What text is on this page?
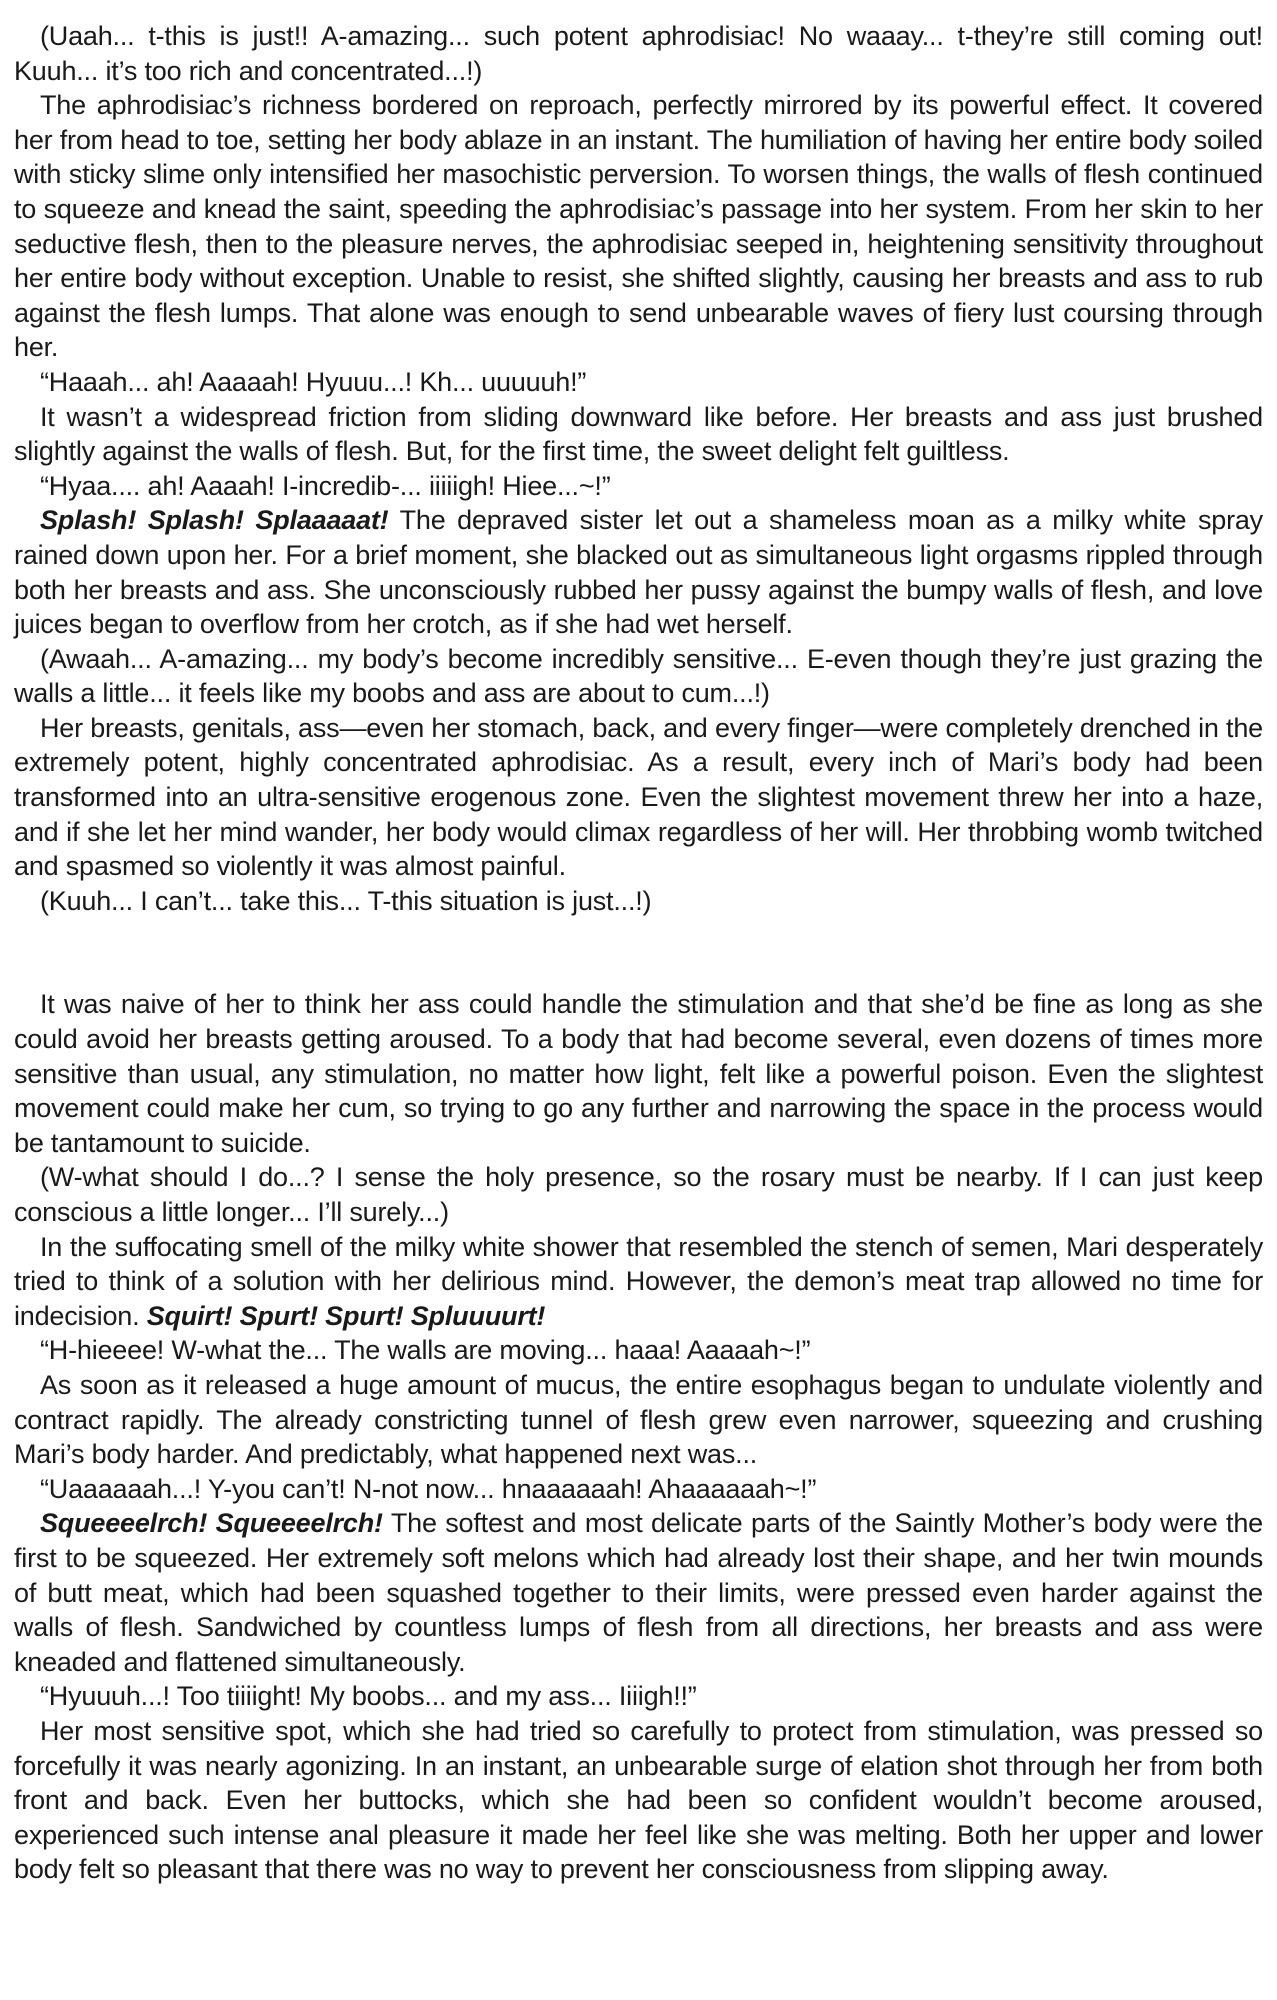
(Uaah... t-this is just!! A-amazing... such potent aphrodisiac! No waaay... t-they’re still coming out! Kuuh... it’s too rich and concentrated...!)

The aphrodisiac’s richness bordered on reproach, perfectly mirrored by its powerful effect. It covered her from head to toe, setting her body ablaze in an instant. The humiliation of having her entire body soiled with sticky slime only intensified her masochistic perversion. To worsen things, the walls of flesh continued to squeeze and knead the saint, speeding the aphrodisiac’s passage into her system. From her skin to her seductive flesh, then to the pleasure nerves, the aphrodisiac seeped in, heightening sensitivity throughout her entire body without exception. Unable to resist, she shifted slightly, causing her breasts and ass to rub against the flesh lumps. That alone was enough to send unbearable waves of fiery lust coursing through her.

“Haaah... ah! Aaaaah! Hyuuu...! Kh... uuuuuh!”

It wasn’t a widespread friction from sliding downward like before. Her breasts and ass just brushed slightly against the walls of flesh. But, for the first time, the sweet delight felt guiltless.

“Hyaa.... ah! Aaaah! I-incredib-... iiiiigh! Hiee...~!”

Splash! Splash! Splaaaaat! The depraved sister let out a shameless moan as a milky white spray rained down upon her. For a brief moment, she blacked out as simultaneous light orgasms rippled through both her breasts and ass. She unconsciously rubbed her pussy against the bumpy walls of flesh, and love juices began to overflow from her crotch, as if she had wet herself.

(Awaah... A-amazing... my body’s become incredibly sensitive... E-even though they’re just grazing the walls a little... it feels like my boobs and ass are about to cum...!)

Her breasts, genitals, ass—even her stomach, back, and every finger—were completely drenched in the extremely potent, highly concentrated aphrodisiac. As a result, every inch of Mari’s body had been transformed into an ultra-sensitive erogenous zone. Even the slightest movement threw her into a haze, and if she let her mind wander, her body would climax regardless of her will. Her throbbing womb twitched and spasmed so violently it was almost painful.

(Kuuh... I can’t... take this... T-this situation is just...!)

It was naive of her to think her ass could handle the stimulation and that she’d be fine as long as she could avoid her breasts getting aroused. To a body that had become several, even dozens of times more sensitive than usual, any stimulation, no matter how light, felt like a powerful poison. Even the slightest movement could make her cum, so trying to go any further and narrowing the space in the process would be tantamount to suicide.

(W-what should I do...? I sense the holy presence, so the rosary must be nearby. If I can just keep conscious a little longer... I’ll surely...)

In the suffocating smell of the milky white shower that resembled the stench of semen, Mari desperately tried to think of a solution with her delirious mind. However, the demon’s meat trap allowed no time for indecision. Squirt! Spurt! Spurt! Spluuuurt!

“H-hieeee! W-what the... The walls are moving... haaa! Aaaaah~!”

As soon as it released a huge amount of mucus, the entire esophagus began to undulate violently and contract rapidly. The already constricting tunnel of flesh grew even narrower, squeezing and crushing Mari’s body harder. And predictably, what happened next was...

“Uaaaaaah...! Y-you can’t! N-not now... hnaaaaaah! Ahaaaaaah~!”

Squeeeelrch! Squeeeelrch! The softest and most delicate parts of the Saintly Mother’s body were the first to be squeezed. Her extremely soft melons which had already lost their shape, and her twin mounds of butt meat, which had been squashed together to their limits, were pressed even harder against the walls of flesh. Sandwiched by countless lumps of flesh from all directions, her breasts and ass were kneaded and flattened simultaneously.

“Hyuuuh...! Too tiiiight! My boobs... and my ass... Iiiigh!!”

Her most sensitive spot, which she had tried so carefully to protect from stimulation, was pressed so forcefully it was nearly agonizing. In an instant, an unbearable surge of elation shot through her from both front and back. Even her buttocks, which she had been so confident wouldn’t become aroused, experienced such intense anal pleasure it made her feel like she was melting. Both her upper and lower body felt so pleasant that there was no way to prevent her consciousness from slipping away.
